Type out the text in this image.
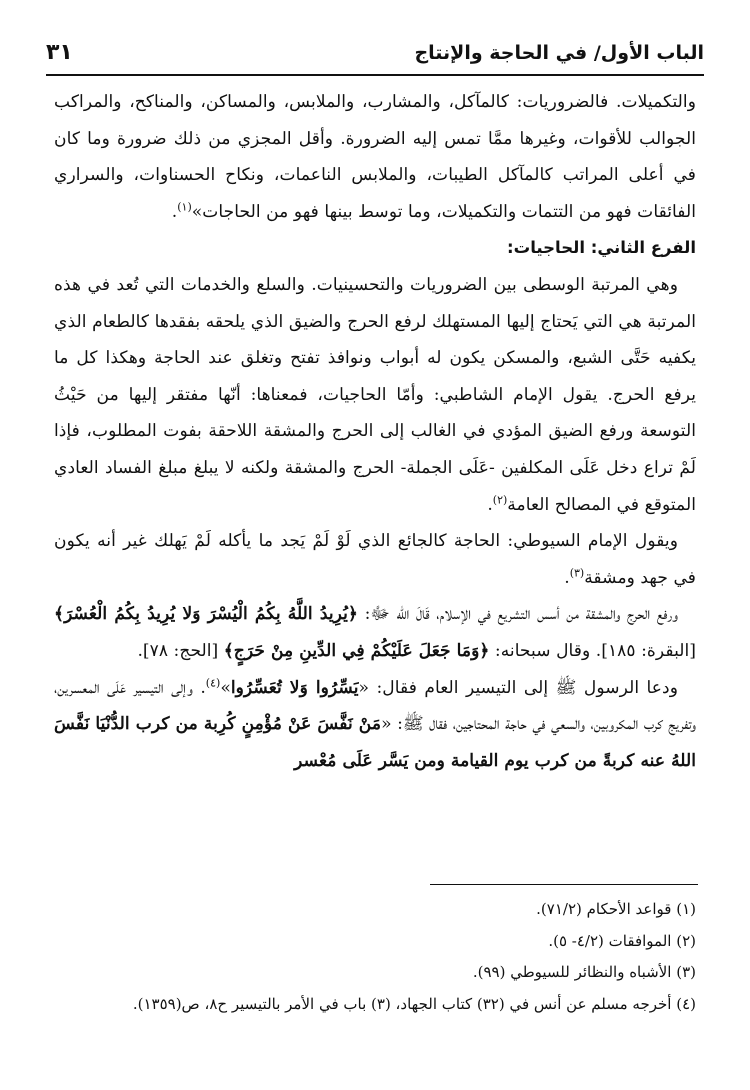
٣١	الباب الأول/ في الحاجة والإنتاج

والتكميلات. فالضروريات: كالمآكل، والمشارب، والملابس، والمساكن، والمناكح، والمراكب الجوالب للأقوات، وغيرها ممَّا تمس إليه الضرورة. وأقل المجزي من ذلك ضرورة وما كان في أعلى المراتب كالمآكل الطيبات، والملابس الناعمات، ونكاح الحسناوات، والسراري الفائقات فهو من التتمات والتكميلات، وما توسط بينها فهو من الحاجات»$^{(١)}$.

الفرع الثاني: الحاجيات:

وهي المرتبة الوسطى بين الضروريات والتحسينيات. والسلع والخدمات التي تُعد في هذه المرتبة هي التي يَحتاج إليها المستهلك لرفع الحرج والضيق الذي يلحقه بفقدها كالطعام الذي يكفيه حَتَّى الشبع، والمسكن يكون له أبواب ونوافذ تفتح وتغلق عند الحاجة وهكذا كل ما يرفع الحرج. يقول الإمام الشاطبي: وأمّا الحاجيات، فمعناها: أنّها مفتقر إليها من حَيْثُ التوسعة ورفع الضيق المؤدي في الغالب إلى الحرج والمشقة اللاحقة بفوت المطلوب، فإذا لَمْ تراع دخل عَلَى المكلفين -عَلَى الجملة- الحرج والمشقة ولكنه لا يبلغ مبلغ الفساد العادي المتوقع في المصالح العامة$^{(٢)}$.

ويقول الإمام السيوطي: الحاجة كالجائع الذي لَوْ لَمْ يَجد ما يأكله لَمْ يَهلك غير أنه يكون في جهد ومشقة$^{(٣)}$.

ورفع الحرج والمشقة من أسس التشريع في الإسلام، قَالَ الله ﷻ: ﴿يُرِيدُ اللَّهُ بِكُمُ الْيُسْرَ وَلا يُرِيدُ بِكُمُ الْعُسْرَ﴾ [البقرة: ١٨٥]. وقال سبحانه: ﴿وَمَا جَعَلَ عَلَيْكُمْ فِي الدِّينِ مِنْ حَرَجٍ﴾ [الحج: ٧٨].

ودعا الرسول ﷺ إلى التيسير العام فقال: «يَسِّرُوا وَلا تُعَسِّرُوا»$^{(٤)}$. وإلى التيسير عَلَى المعسرين، وتفريج كرب المكروبين، والسعي في حاجة المحتاجين، فقال ﷺ: «مَنْ نَفَّسَ عَنْ مُؤْمِنٍ كُرِبة من كرب الدُّنْيَا نَفَّسَ اللهُ عنه كربةً من كرب يوم القيامة ومن يَسَّر عَلَى مُعْسر

(١) قواعد الأحكام (٧١/٢).
(٢) الموافقات (٤/٢- ٥).
(٣) الأشباه والنظائر للسيوطي (٩٩).
(٤) أخرجه مسلم عن أنس في (٣٢) كتاب الجهاد، (٣) باب في الأمر بالتيسير ح٨، ص(١٣٥٩).
